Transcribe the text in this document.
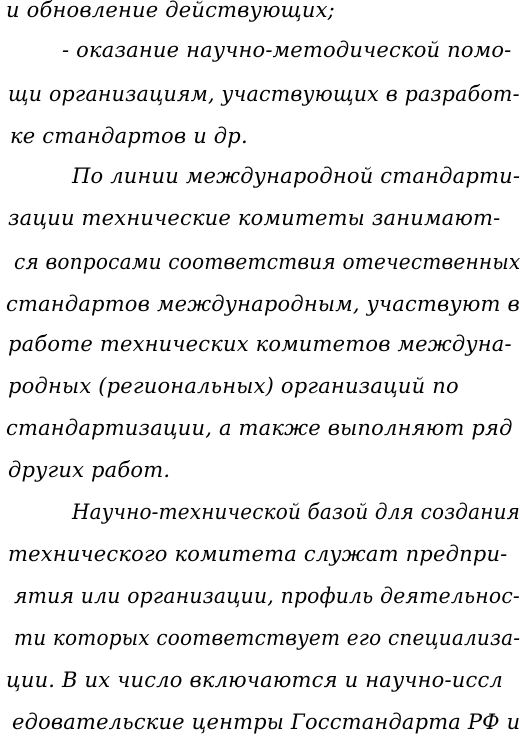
и обновление действующих;
- оказание научно-методической помо-
щи организациям, участвующих в разработ-
ке стандартов и др.
По линии международной стандарти-
зации технические комитеты занимают-
ся вопросами соответствия отечественных
стандартов международным, участвуют в
работе технических комитетов междуна-
родных (региональных) организаций по
стандартизации, а также выполняют ряд
других работ.
Научно-технической базой для создания
технического комитета служат предпри-
ятия или организации, профиль деятельнос-
ти которых соответствует его специализа-
ции. В их число включаются и научно-иссл
едовательские центры Госстандарта РФ и
